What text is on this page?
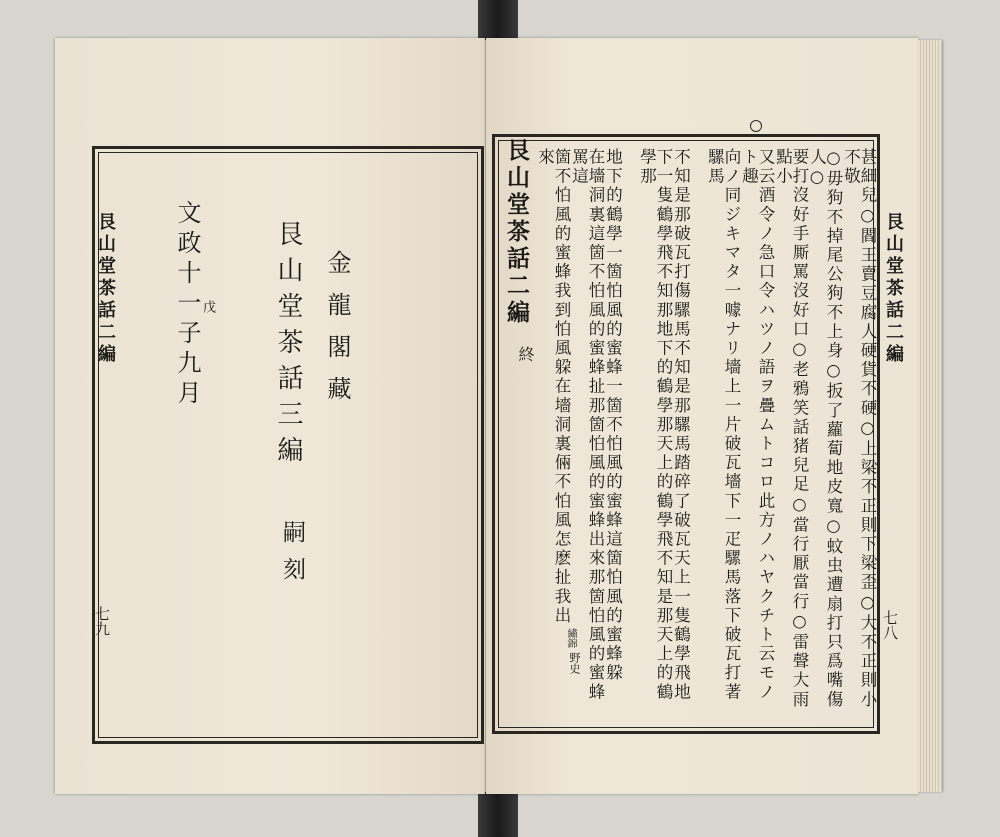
艮山堂茶話二編
七九

文政十一子九月 戊 艮山堂茶話三編 金龍閣藏
嗣刻
艮山堂茶話二編
七八
甚細兒○閻王賣豆腐人硬貨不硬○上梁不正則下梁歪○大不正則小不敬
○毋狗不掉尾公狗不上身○扳了蘿蔔地皮寬○蚊虫遭扇打只爲嘴傷人○
要打沒好手厮罵沒好口○老鴉笑話猪兒足○當行厭當行○雷聲大雨點小
又云酒令ノ急口令ハツノ語ヲ疊ムトコロ此方ノハヤクチト云モノト趣
向ノ同ジキマタ一噱ナリ墻上一片破瓦墻下一疋騾馬落下破瓦打著騾馬
不知是那破瓦打傷騾馬不知是那騾馬踏碎了破瓦天上一隻鶴學飛地
下一隻鶴學飛不知那地下的鶴學那天上的鶴學飛不知是那天上的鶴學那
地下的鶴學一箇怕風的蜜蜂一箇不怕風的蜜蜂這箇怕風的蜜蜂躱
在墻洞裏這箇不怕風的蜜蜂扯那箇怕風的蜜蜂出來那箇怕風的蜜蜂罵這
箇不怕風的蜜蜂我到怕風躱在墻洞裏倆不怕風怎麽扯我出來
繡錦
野史
艮山堂茶話二編
終
